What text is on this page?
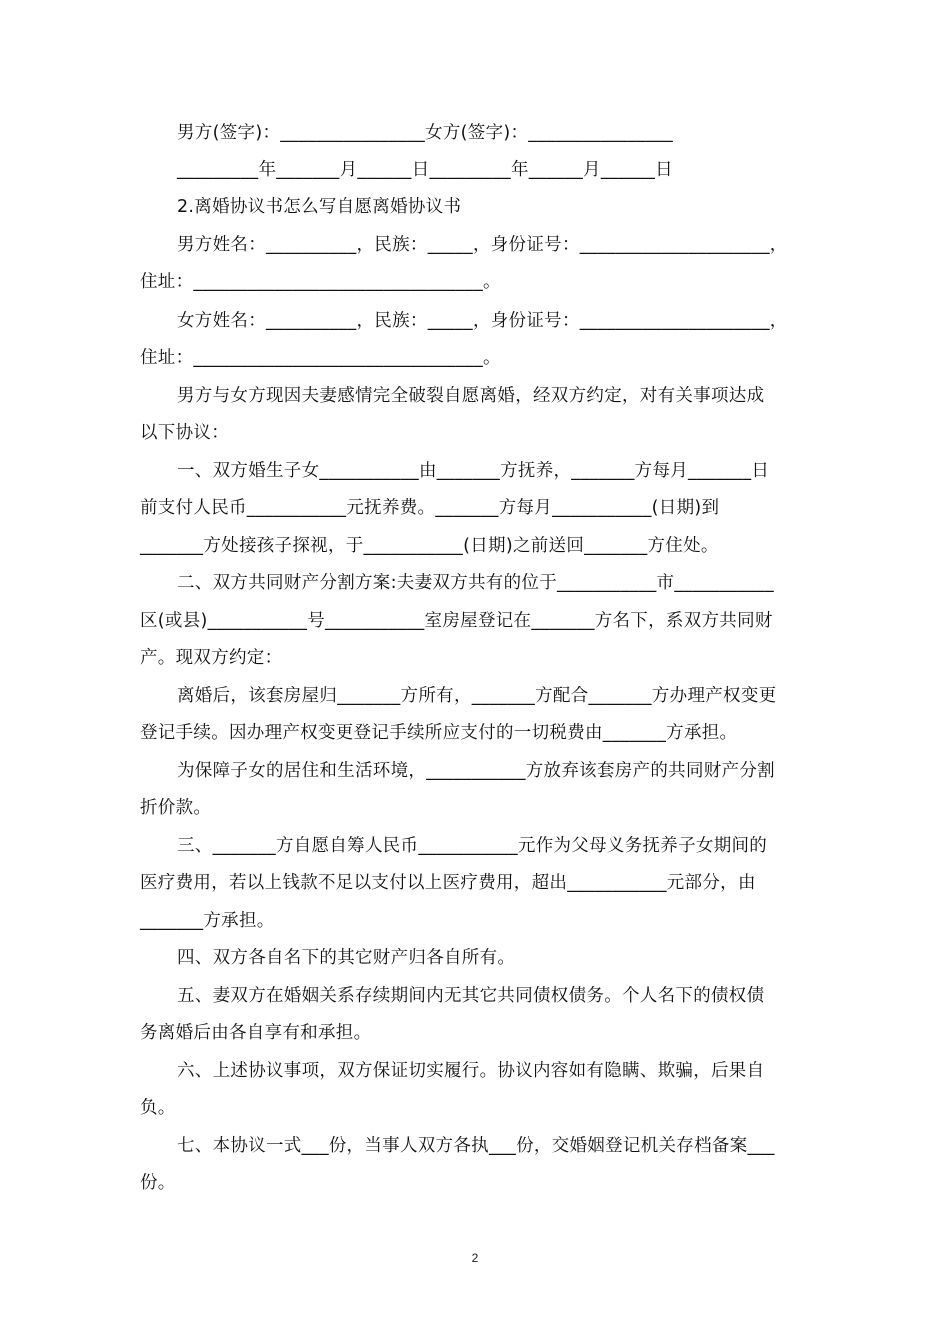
男方(签字)：________________女方(签字)：________________
_________年_______月______日_________年______月______日
2.离婚协议书怎么写自愿离婚协议书
男方姓名：__________，民族：_____，身份证号：_____________________，
住址：________________________________。
女方姓名：__________，民族：_____，身份证号：_____________________，
住址：________________________________。
男方与女方现因夫妻感情完全破裂自愿离婚，经双方约定，对有关事项达成
以下协议：
一、双方婚生子女___________由_______方抚养，_______方每月_______日
前支付人民币___________元抚养费。_______方每月___________(日期)到
_______方处接孩子探视，于___________(日期)之前送回_______方住处。
二、双方共同财产分割方案:夫妻双方共有的位于___________市___________
区(或县)___________号___________室房屋登记在_______方名下，系双方共同财
产。现双方约定：
离婚后，该套房屋归_______方所有，_______方配合_______方办理产权变更
登记手续。因办理产权变更登记手续所应支付的一切税费由_______方承担。
为保障子女的居住和生活环境，___________方放弃该套房产的共同财产分割
折价款。
三、_______方自愿自筹人民币___________元作为父母义务抚养子女期间的
医疗费用，若以上钱款不足以支付以上医疗费用，超出___________元部分，由
_______方承担。
四、双方各自名下的其它财产归各自所有。
五、妻双方在婚姻关系存续期间内无其它共同债权债务。个人名下的债权债
务离婚后由各自享有和承担。
六、上述协议事项，双方保证切实履行。协议内容如有隐瞒、欺骗，后果自
负。
七、本协议一式___份，当事人双方各执___份，交婚姻登记机关存档备案___
份。
2
